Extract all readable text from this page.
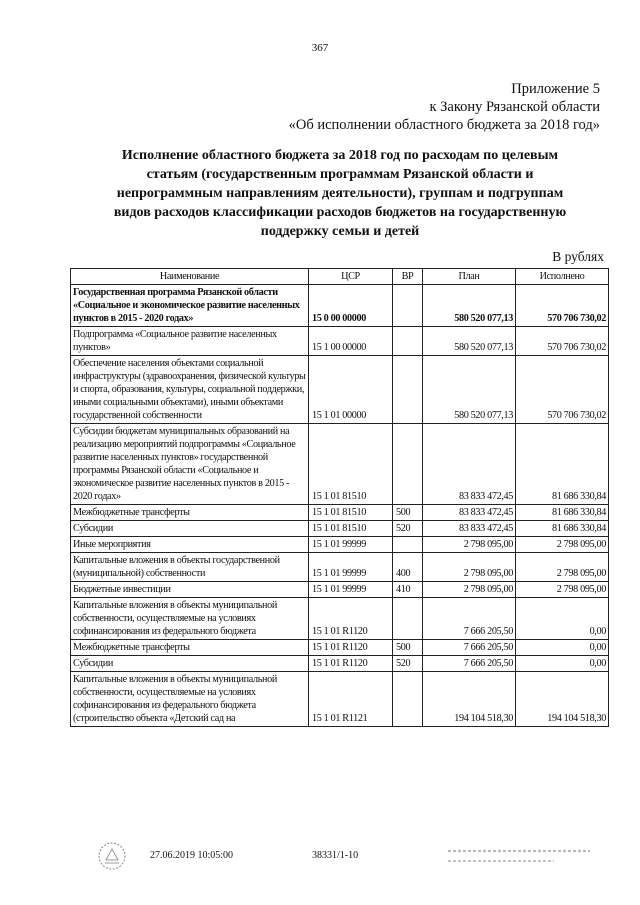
367
Приложение 5
к Закону Рязанской области
«Об исполнении областного бюджета за 2018 год»
Исполнение областного бюджета за 2018 год по расходам по целевым
статьям (государственным программам Рязанской области и
непрограммным направлениям деятельности), группам и подгруппам
видов расходов классификации расходов бюджетов на государственную
поддержку семьи и детей
В рублях
Наименование	ЦСР	ВР	План	Исполнено
Государственная программа Рязанской области «Социальное и экономическое развитие населенных пунктов в 2015 - 2020 годах»	15 0 00 00000		580 520 077,13	570 706 730,02
Подпрограмма «Социальное развитие населенных пунктов»	15 1 00 00000		580 520 077,13	570 706 730,02
Обеспечение населения объектами социальной инфраструктуры (здравоохранения, физической культуры и спорта, образования, культуры, социальной поддержки, иными социальными объектами), иными объектами государственной собственности	15 1 01 00000		580 520 077,13	570 706 730,02
Субсидии бюджетам муниципальных образований на реализацию мероприятий подпрограммы «Социальное развитие населенных пунктов» государственной программы Рязанской области «Социальное и экономическое развитие населенных пунктов в 2015 - 2020 годах»	15 1 01 81510		83 833 472,45	81 686 330,84
Межбюджетные трансферты	15 1 01 81510	500	83 833 472,45	81 686 330,84
Субсидии	15 1 01 81510	520	83 833 472,45	81 686 330,84
Иные мероприятия	15 1 01 99999		2 798 095,00	2 798 095,00
Капитальные вложения в объекты государственной (муниципальной) собственности	15 1 01 99999	400	2 798 095,00	2 798 095,00
Бюджетные инвестиции	15 1 01 99999	410	2 798 095,00	2 798 095,00
Капитальные вложения в объекты муниципальной собственности, осуществляемые на условиях софинансирования из федерального бюджета	15 1 01 R1120		7 666 205,50	0,00
Межбюджетные трансферты	15 1 01 R1120	500	7 666 205,50	0,00
Субсидии	15 1 01 R1120	520	7 666 205,50	0,00
Капитальные вложения в объекты муниципальной собственности, осуществляемые на условиях софинансирования из федерального бюджета (строительство объекта «Детский сад на	15 1 01 R1121		194 104 518,30	194 104 518,30
27.06.2019 10:05:00	38331/1-10
